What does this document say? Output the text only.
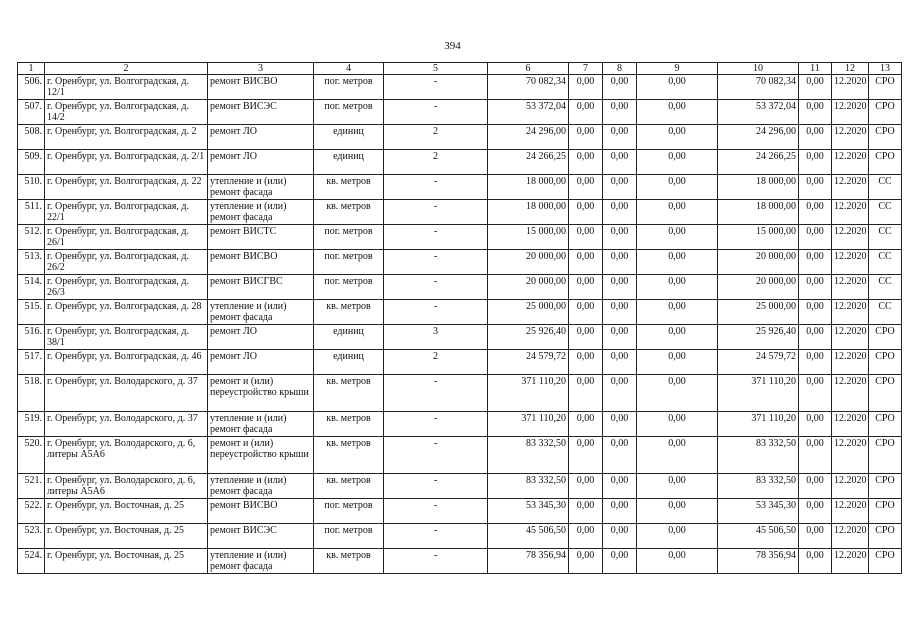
394
1	2	3	4	5	6	7	8	9	10	11	12	13
506.	г. Оренбург, ул. Волгоградская, д. 12/1	ремонт ВИСВО	пог. метров	-	70 082,34	0,00	0,00	0,00	70 082,34	0,00	12.2020	СРО
507.	г. Оренбург, ул. Волгоградская, д. 14/2	ремонт ВИСЭС	пог. метров	-	53 372,04	0,00	0,00	0,00	53 372,04	0,00	12.2020	СРО
508.	г. Оренбург, ул. Волгоградская, д. 2	ремонт ЛО	единиц	2	24 296,00	0,00	0,00	0,00	24 296,00	0,00	12.2020	СРО
509.	г. Оренбург, ул. Волгоградская, д. 2/1	ремонт ЛО	единиц	2	24 266,25	0,00	0,00	0,00	24 266,25	0,00	12.2020	СРО
510.	г. Оренбург, ул. Волгоградская, д. 22	утепление и (или) ремонт фасада	кв. метров	-	18 000,00	0,00	0,00	0,00	18 000,00	0,00	12.2020	СС
511.	г. Оренбург, ул. Волгоградская, д. 22/1	утепление и (или) ремонт фасада	кв. метров	-	18 000,00	0,00	0,00	0,00	18 000,00	0,00	12.2020	СС
512.	г. Оренбург, ул. Волгоградская, д. 26/1	ремонт ВИСТС	пог. метров	-	15 000,00	0,00	0,00	0,00	15 000,00	0,00	12.2020	СС
513.	г. Оренбург, ул. Волгоградская, д. 26/2	ремонт ВИСВО	пог. метров	-	20 000,00	0,00	0,00	0,00	20 000,00	0,00	12.2020	СС
514.	г. Оренбург, ул. Волгоградская, д. 26/3	ремонт ВИСГВС	пог. метров	-	20 000,00	0,00	0,00	0,00	20 000,00	0,00	12.2020	СС
515.	г. Оренбург, ул. Волгоградская, д. 28	утепление и (или) ремонт фасада	кв. метров	-	25 000,00	0,00	0,00	0,00	25 000,00	0,00	12.2020	СС
516.	г. Оренбург, ул. Волгоградская, д. 38/1	ремонт ЛО	единиц	3	25 926,40	0,00	0,00	0,00	25 926,40	0,00	12.2020	СРО
517.	г. Оренбург, ул. Волгоградская, д. 46	ремонт ЛО	единиц	2	24 579,72	0,00	0,00	0,00	24 579,72	0,00	12.2020	СРО
518.	г. Оренбург, ул. Володарского, д. 37	ремонт и (или) переустройство крыши	кв. метров	-	371 110,20	0,00	0,00	0,00	371 110,20	0,00	12.2020	СРО
519.	г. Оренбург, ул. Володарского, д. 37	утепление и (или) ремонт фасада	кв. метров	-	371 110,20	0,00	0,00	0,00	371 110,20	0,00	12.2020	СРО
520.	г. Оренбург, ул. Володарского, д. 6, литеры А5А6	ремонт и (или) переустройство крыши	кв. метров	-	83 332,50	0,00	0,00	0,00	83 332,50	0,00	12.2020	СРО
521.	г. Оренбург, ул. Володарского, д. 6, литеры А5А6	утепление и (или) ремонт фасада	кв. метров	-	83 332,50	0,00	0,00	0,00	83 332,50	0,00	12.2020	СРО
522.	г. Оренбург, ул. Восточная, д. 25	ремонт ВИСВО	пог. метров	-	53 345,30	0,00	0,00	0,00	53 345,30	0,00	12.2020	СРО
523.	г. Оренбург, ул. Восточная, д. 25	ремонт ВИСЭС	пог. метров	-	45 506,50	0,00	0,00	0,00	45 506,50	0,00	12.2020	СРО
524.	г. Оренбург, ул. Восточная, д. 25	утепление и (или) ремонт фасада	кв. метров	-	78 356,94	0,00	0,00	0,00	78 356,94	0,00	12.2020	СРО
